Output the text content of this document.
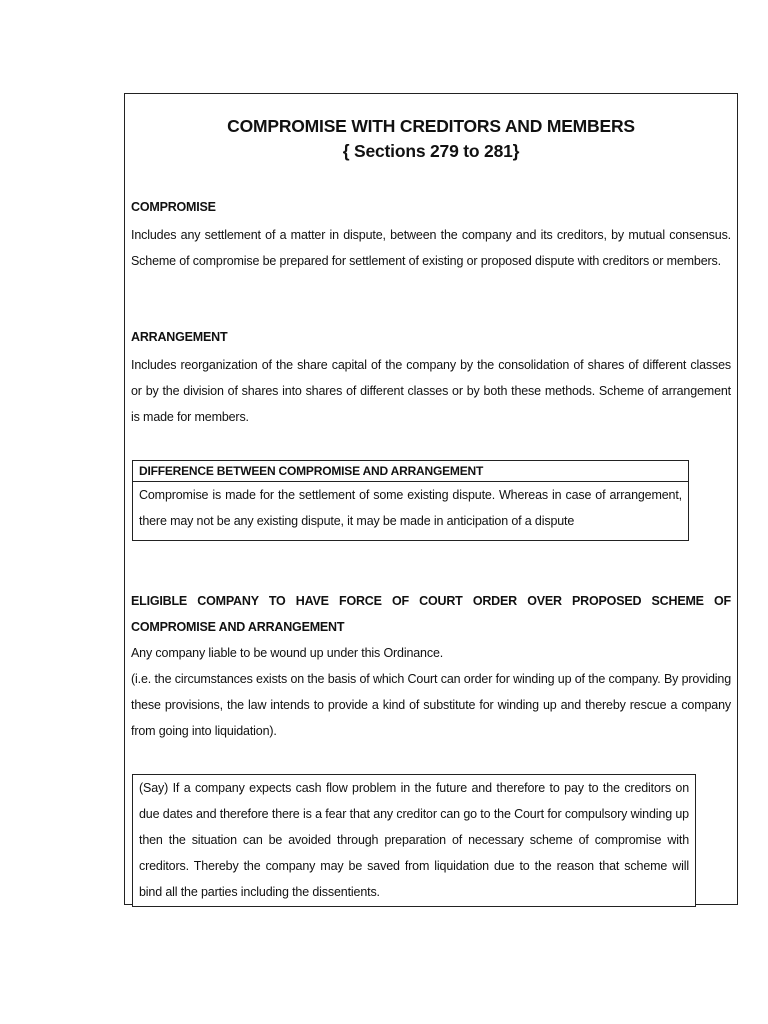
COMPROMISE WITH CREDITORS AND MEMBERS
{ Sections 279 to 281}
COMPROMISE
Includes any settlement of a matter in dispute, between the company and its creditors, by mutual consensus. Scheme of compromise be prepared for settlement of existing or proposed dispute with creditors or members.
ARRANGEMENT
Includes reorganization of the share capital of the company by the consolidation of shares of different classes or by the division of shares into shares of different classes or by both these methods. Scheme of arrangement is made for members.
DIFFERENCE BETWEEN COMPROMISE AND ARRANGEMENT
Compromise is made for the settlement of some existing dispute. Whereas in case of arrangement, there may not be any existing dispute, it may be made in anticipation of a dispute
ELIGIBLE COMPANY TO HAVE FORCE OF COURT ORDER OVER PROPOSED SCHEME OF COMPROMISE AND ARRANGEMENT
Any company liable to be wound up under this Ordinance.
(i.e. the circumstances exists on the basis of which Court can order for winding up of the company. By providing these provisions, the law intends to provide a kind of substitute for winding up and thereby rescue a company from going into liquidation).
(Say) If a company expects cash flow problem in the future and therefore to pay to the creditors on due dates and therefore there is a fear that any creditor can go to the Court for compulsory winding up then the situation can be avoided through preparation of necessary scheme of compromise with creditors. Thereby the company may be saved from liquidation due to the reason that scheme will bind all the parties including the dissentients.
